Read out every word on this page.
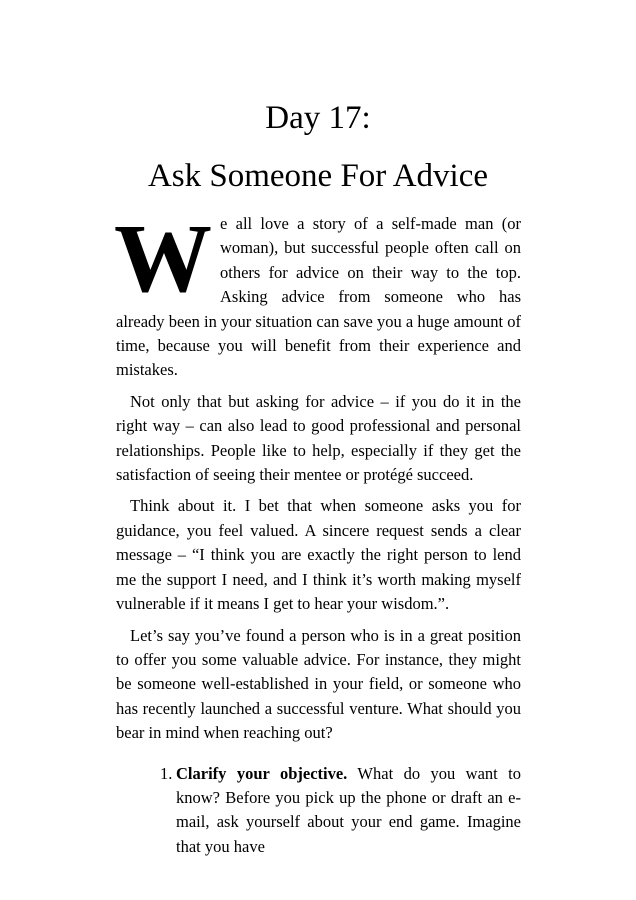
Day 17:
Ask Someone For Advice

We all love a story of a self-made man (or woman), but successful people often call on others for advice on their way to the top. Asking advice from someone who has already been in your situation can save you a huge amount of time, because you will benefit from their experience and mistakes.

Not only that but asking for advice – if you do it in the right way – can also lead to good professional and personal relationships. People like to help, especially if they get the satisfaction of seeing their mentee or protégé succeed.

Think about it. I bet that when someone asks you for guidance, you feel valued. A sincere request sends a clear message – “I think you are exactly the right person to lend me the support I need, and I think it’s worth making myself vulnerable if it means I get to hear your wisdom.”.

Let’s say you’ve found a person who is in a great position to offer you some valuable advice. For instance, they might be someone well-established in your field, or someone who has recently launched a successful venture. What should you bear in mind when reaching out?

1. Clarify your objective. What do you want to know? Before you pick up the phone or draft an e-mail, ask yourself about your end game. Imagine that you have
